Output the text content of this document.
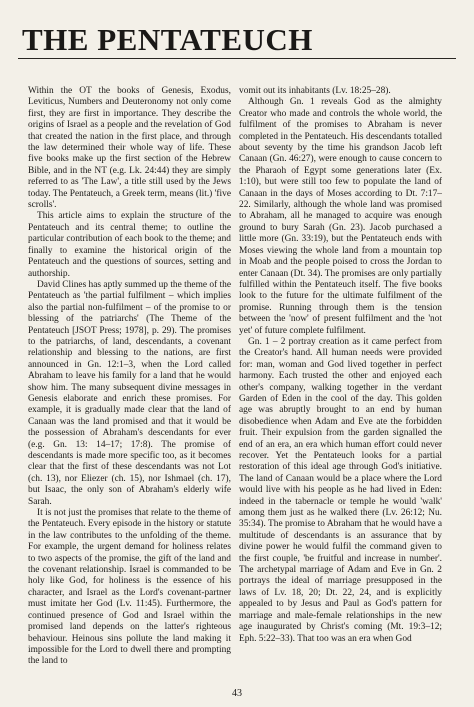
THE PENTATEUCH

Within the OT the books of Genesis, Exodus, Leviticus, Numbers and Deuteronomy not only come first, they are first in importance. They describe the origins of Israel as a people and the revelation of God that created the nation in the first place, and through the law determined their whole way of life. These five books make up the first section of the Hebrew Bible, and in the NT (e.g. Lk. 24:44) they are simply referred to as 'The Law', a title still used by the Jews today. The Pentateuch, a Greek term, means (lit.) 'five scrolls'.

This article aims to explain the structure of the Pentateuch and its central theme; to outline the particular contribution of each book to the theme; and finally to examine the historical origin of the Pentateuch and the questions of sources, setting and authorship.

David Clines has aptly summed up the theme of the Pentateuch as 'the partial fulfilment – which implies also the partial non-fulfilment – of the promise to or blessing of the patriarchs' (The Theme of the Pentateuch [JSOT Press; 1978], p. 29). The promises to the patriarchs, of land, descendants, a covenant relationship and blessing to the nations, are first announced in Gn. 12:1–3, when the Lord called Abraham to leave his family for a land that he would show him. The many subsequent divine messages in Genesis elaborate and enrich these promises. For example, it is gradually made clear that the land of Canaan was the land promised and that it would be the possession of Abraham's descendants for ever (e.g. Gn. 13: 14–17; 17:8). The promise of descendants is made more specific too, as it becomes clear that the first of these descendants was not Lot (ch. 13), nor Eliezer (ch. 15), nor Ishmael (ch. 17), but Isaac, the only son of Abraham's elderly wife Sarah.

It is not just the promises that relate to the theme of the Pentateuch. Every episode in the history or statute in the law contributes to the unfolding of the theme. For example, the urgent demand for holiness relates to two aspects of the promise, the gift of the land and the covenant relationship. Israel is commanded to be holy like God, for holiness is the essence of his character, and Israel as the Lord's covenant-partner must imitate her God (Lv. 11:45). Furthermore, the continued presence of God and Israel within the promised land depends on the latter's righteous behaviour. Heinous sins pollute the land making it impossible for the Lord to dwell there and prompting the land to

vomit out its inhabitants (Lv. 18:25–28).

Although Gn. 1 reveals God as the almighty Creator who made and controls the whole world, the fulfilment of the promises to Abraham is never completed in the Pentateuch. His descendants totalled about seventy by the time his grandson Jacob left Canaan (Gn. 46:27), were enough to cause concern to the Pharaoh of Egypt some generations later (Ex. 1:10), but were still too few to populate the land of Canaan in the days of Moses according to Dt. 7:17–22. Similarly, although the whole land was promised to Abraham, all he managed to acquire was enough ground to bury Sarah (Gn. 23). Jacob purchased a little more (Gn. 33:19), but the Pentateuch ends with Moses viewing the whole land from a mountain top in Moab and the people poised to cross the Jordan to enter Canaan (Dt. 34). The promises are only partially fulfilled within the Pentateuch itself. The five books look to the future for the ultimate fulfilment of the promise. Running through them is the tension between the 'now' of present fulfilment and the 'not yet' of future complete fulfilment.

Gn. 1 – 2 portray creation as it came perfect from the Creator's hand. All human needs were provided for: man, woman and God lived together in perfect harmony. Each trusted the other and enjoyed each other's company, walking together in the verdant Garden of Eden in the cool of the day. This golden age was abruptly brought to an end by human disobedience when Adam and Eve ate the forbidden fruit. Their expulsion from the garden signalled the end of an era, an era which human effort could never recover. Yet the Pentateuch looks for a partial restoration of this ideal age through God's initiative. The land of Canaan would be a place where the Lord would live with his people as he had lived in Eden: indeed in the tabernacle or temple he would 'walk' among them just as he walked there (Lv. 26:12; Nu. 35:34). The promise to Abraham that he would have a multitude of descendants is an assurance that by divine power he would fulfil the command given to the first couple, 'be fruitful and increase in number'. The archetypal marriage of Adam and Eve in Gn. 2 portrays the ideal of marriage presupposed in the laws of Lv. 18, 20; Dt. 22, 24, and is explicitly appealed to by Jesus and Paul as God's pattern for marriage and male-female relationships in the new age inaugurated by Christ's coming (Mt. 19:3–12; Eph. 5:22–33). That too was an era when God

43
